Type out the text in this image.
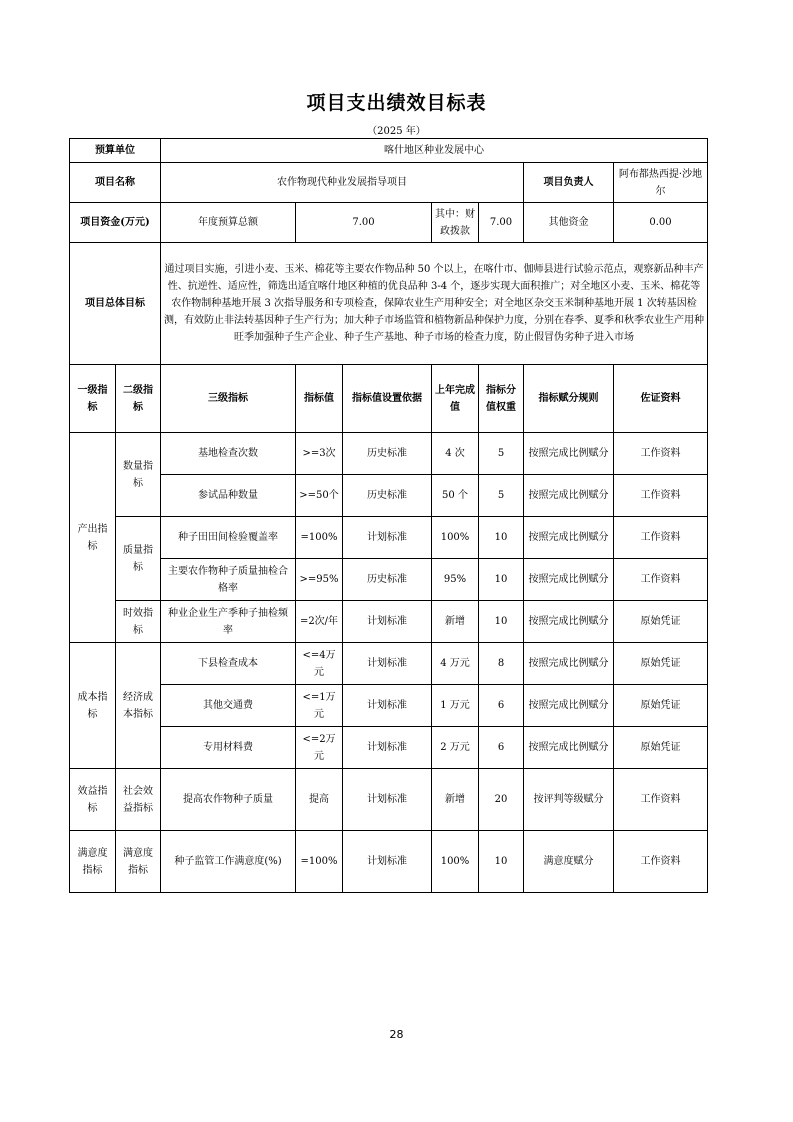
项目支出绩效目标表
（2025 年）
预算单位		喀什地区种业发展中心						
项目名称		农作物现代种业发展指导项目					项目负责人	阿布都热西提·沙地尔
项目资金(万元)		年度预算总额	7.00		其中：财政拨款	7.00	其他资金	0.00
项目总体目标		通过项目实施，引进小麦、玉米、棉花等主要农作物品种 50 个以上，在喀什市、伽师县进行试验示范点，观察新品种丰产性、抗逆性、适应性，筛选出适宜喀什地区种植的优良品种 3-4 个，逐步实现大面积推广；对全地区小麦、玉米、棉花等农作物制种基地开展 3 次指导服务和专项检查，保障农业生产用种安全；对全地区杂交玉米制种基地开展 1 次转基因检测，有效防止非法转基因种子生产行为；加大种子市场监管和植物新品种保护力度，分别在春季、夏季和秋季农业生产用种旺季加强种子生产企业、种子生产基地、种子市场的检查力度，防止假冒伪劣种子进入市场						
一级指标	二级指标	三级指标	指标值	指标值设置依据	上年完成值	指标分值权重	指标赋分规则	佐证资料
产出指标	数量指标	基地检查次数	>=3次	历史标准	4 次	5	按照完成比例赋分	工作资料
		参试品种数量	>=50个	历史标准	50 个	5	按照完成比例赋分	工作资料
	质量指标	种子田田间检验覆盖率	=100%	计划标准	100%	10	按照完成比例赋分	工作资料
		主要农作物种子质量抽检合格率	>=95%	历史标准	95%	10	按照完成比例赋分	工作资料
	时效指标	种业企业生产季种子抽检频率	=2次/年	计划标准	新增	10	按照完成比例赋分	原始凭证
成本指标	经济成本指标	下县检查成本	<=4万元	计划标准	4 万元	8	按照完成比例赋分	原始凭证
		其他交通费	<=1万元	计划标准	1 万元	6	按照完成比例赋分	原始凭证
		专用材料费	<=2万元	计划标准	2 万元	6	按照完成比例赋分	原始凭证
效益指标	社会效益指标	提高农作物种子质量	提高	计划标准	新增	20	按评判等级赋分	工作资料
满意度指标	满意度指标	种子监管工作满意度(%)	=100%	计划标准	100%	10	满意度赋分	工作资料
28
